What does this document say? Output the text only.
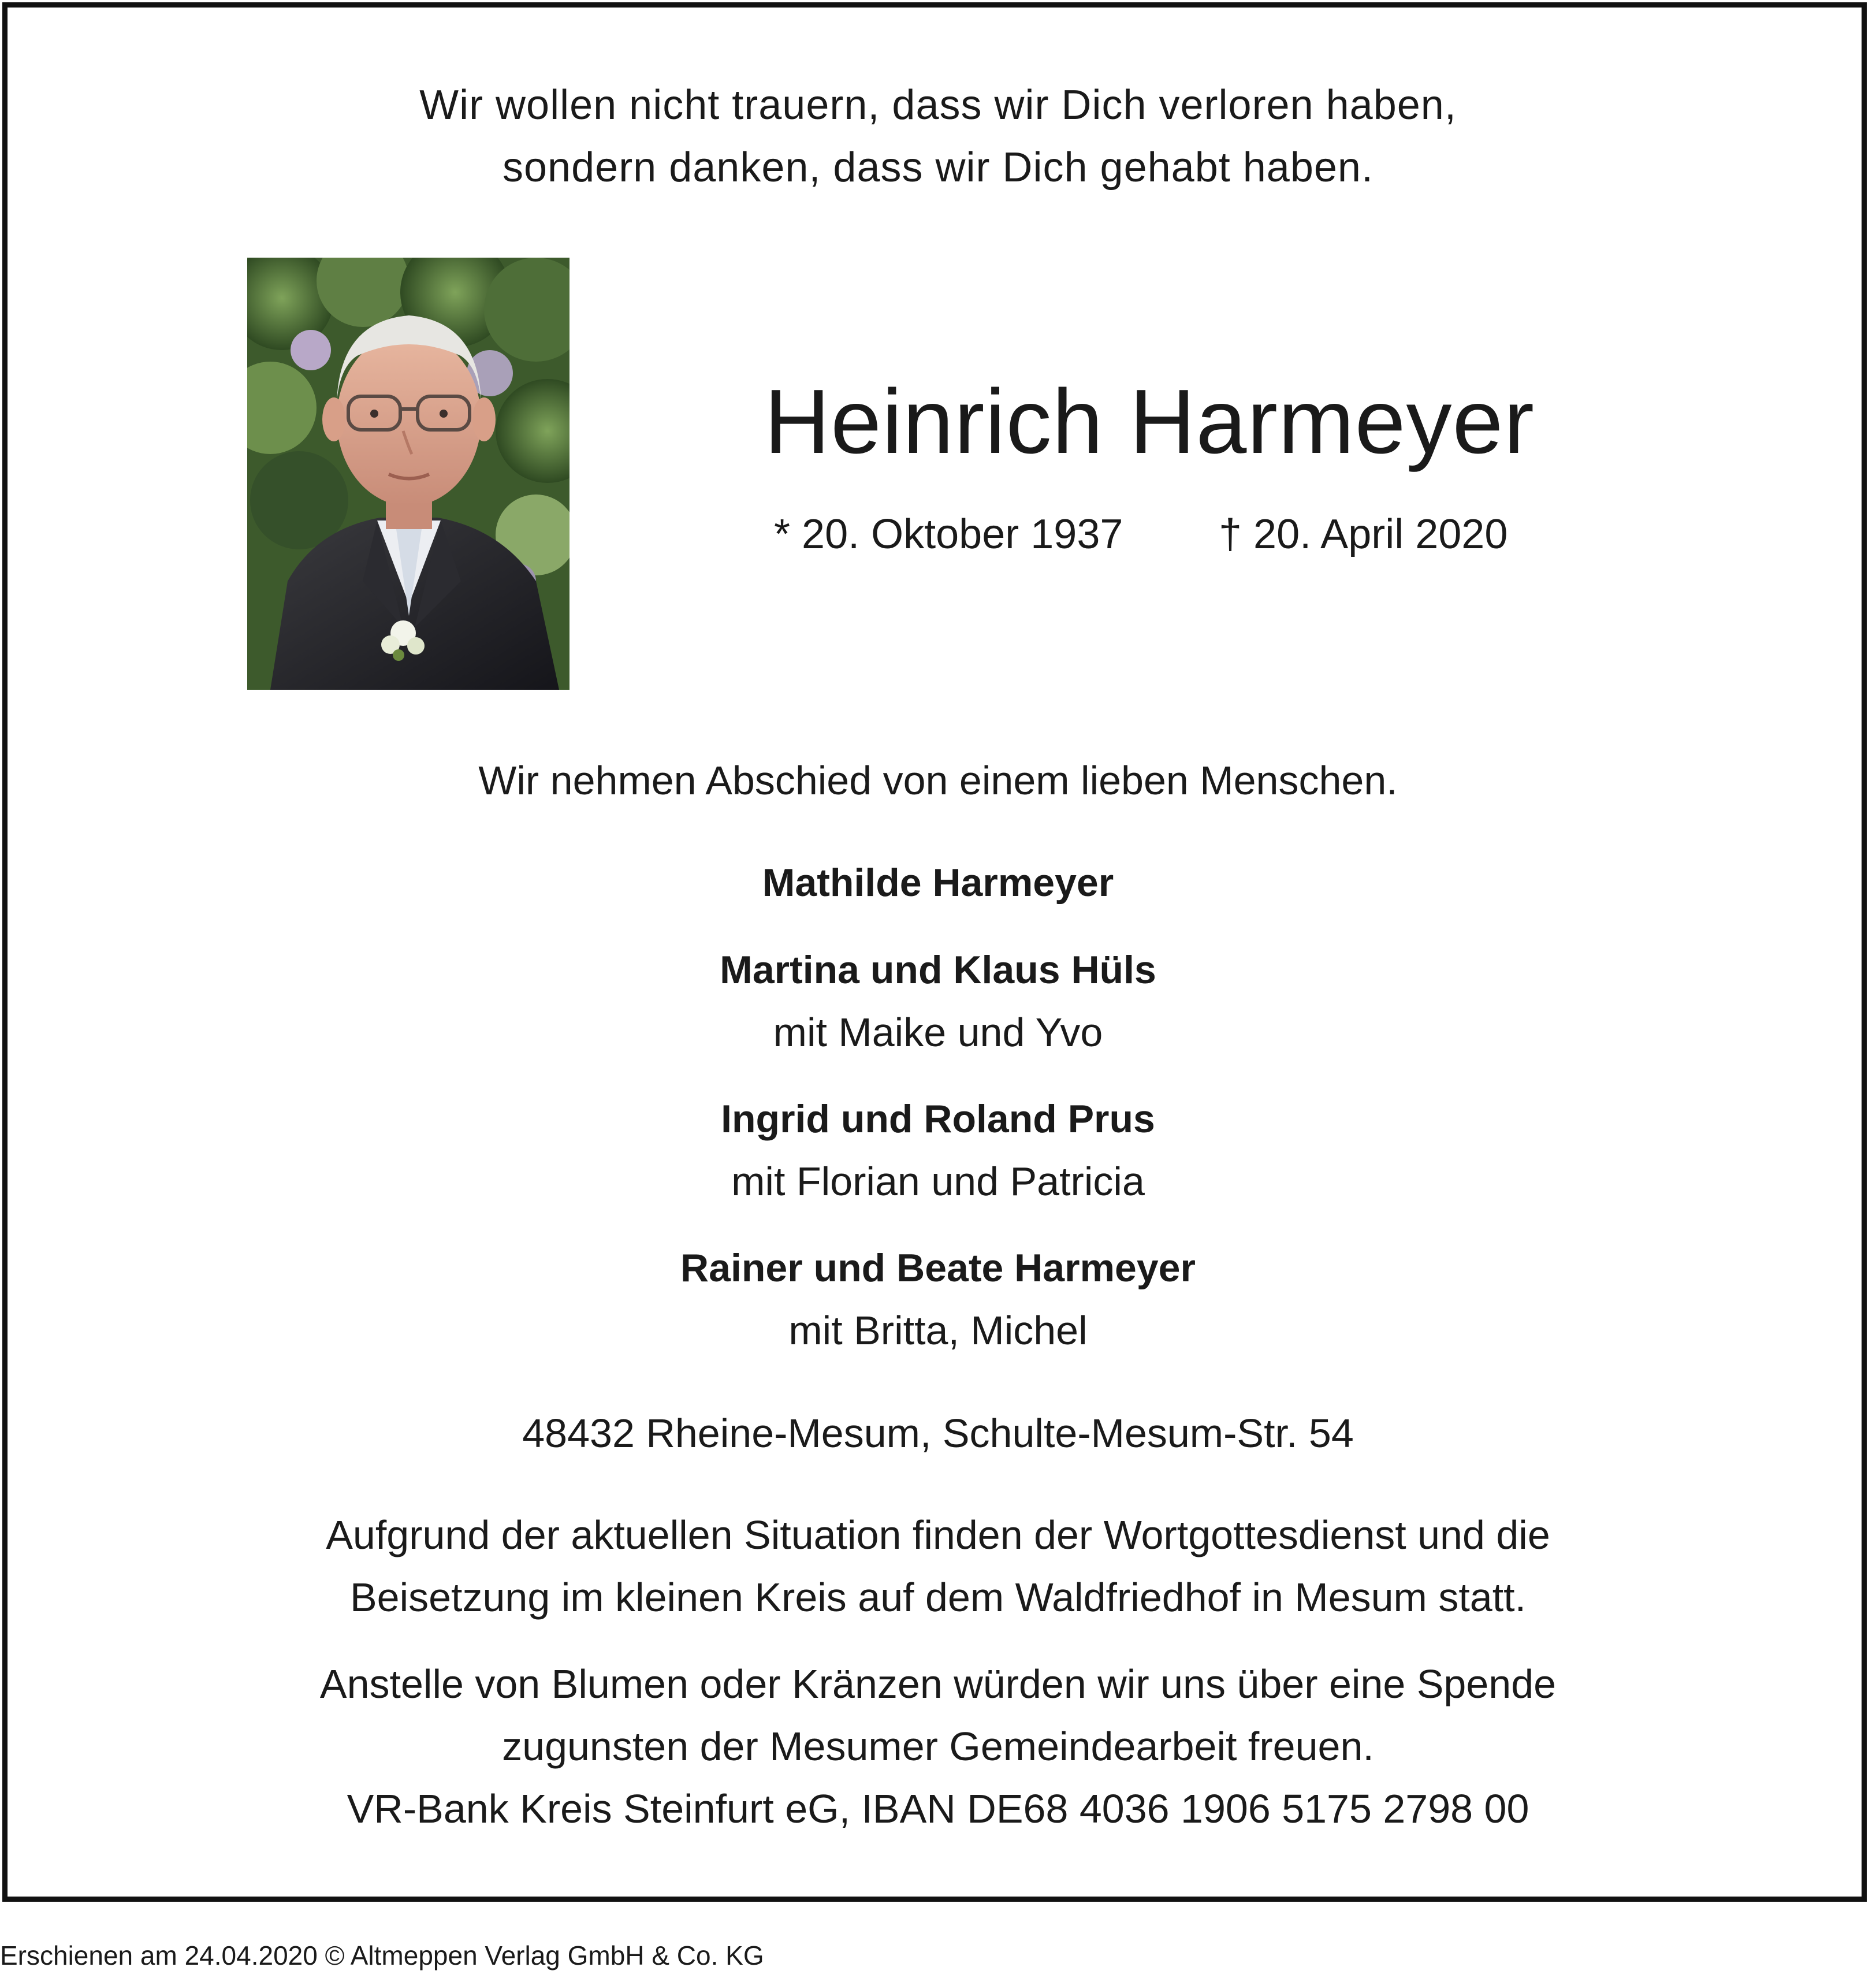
Wir wollen nicht trauern, dass wir Dich verloren haben,
sondern danken, dass wir Dich gehabt haben.
Heinrich Harmeyer
* 20. Oktober 1937 † 20. April 2020
Wir nehmen Abschied von einem lieben Menschen.
Mathilde Harmeyer
Martina und Klaus Hüls
mit Maike und Yvo
Ingrid und Roland Prus
mit Florian und Patricia
Rainer und Beate Harmeyer
mit Britta, Michel
48432 Rheine-Mesum, Schulte-Mesum-Str. 54
Aufgrund der aktuellen Situation finden der Wortgottesdienst und die
Beisetzung im kleinen Kreis auf dem Waldfriedhof in Mesum statt.
Anstelle von Blumen oder Kränzen würden wir uns über eine Spende
zugunsten der Mesumer Gemeindearbeit freuen.
VR-Bank Kreis Steinfurt eG, IBAN DE68 4036 1906 5175 2798 00
Erschienen am 24.04.2020 © Altmeppen Verlag GmbH & Co. KG
